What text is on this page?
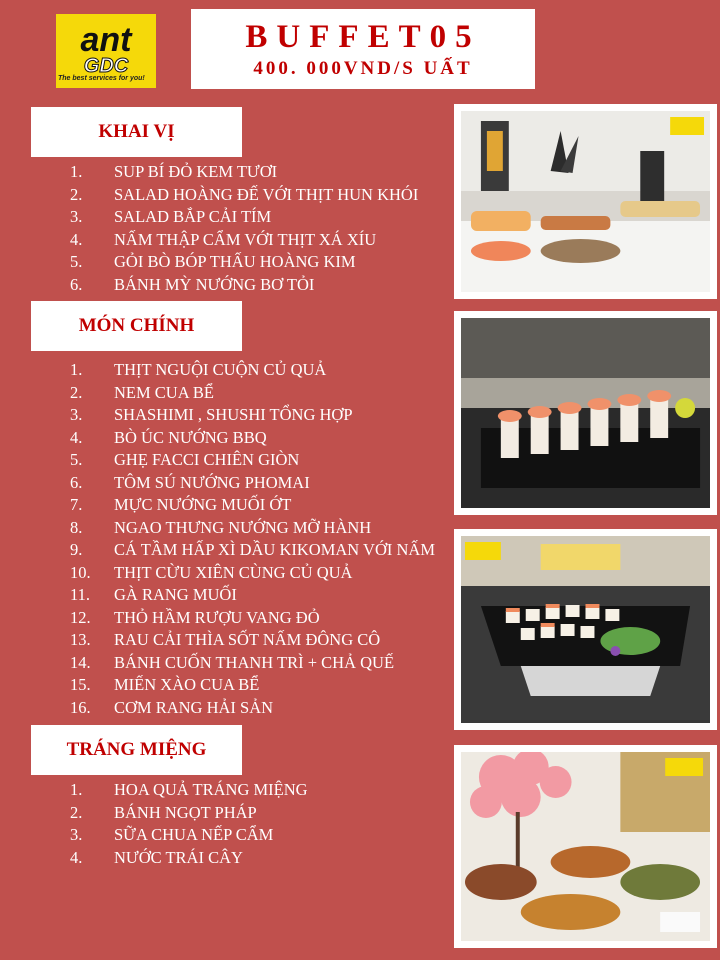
ant
GDC
The best services for you!
BUFFET05
400. 000VND/S UẤT
KHAI VỊ
1.	SUP BÍ ĐỎ KEM TƯƠI
2.	SALAD HOÀNG ĐẾ VỚI THỊT HUN KHÓI
3.	SALAD BẮP CẢI TÍM
4.	NẤM THẬP CẨM VỚI THỊT XÁ XÍU
5.	GỎI BÒ BÓP THẤU HOÀNG KIM
6.	BÁNH MỲ NƯỚNG BƠ TỎI
MÓN CHÍNH
1.	THỊT NGUỘI CUỘN CỦ QUẢ
2.	NEM CUA BỂ
3.	SHASHIMI , SHUSHI TỔNG HỢP
4.	BÒ ÚC NƯỚNG BBQ
5.	GHẸ FACCI CHIÊN GIÒN
6.	TÔM SÚ NƯỚNG PHOMAI
7.	MỰC NƯỚNG MUỐI ỚT
8.	NGAO THƯNG NƯỚNG MỠ HÀNH
9.	CÁ TẦM HẤP XÌ DẦU KIKOMAN VỚI NẤM
10.	THỊT CỪU XIÊN CÙNG CỦ QUẢ
11.	GÀ RANG MUỐI
12.	THỎ HẦM RƯỢU VANG ĐỎ
13.	RAU CẢI THÌA SỐT NẤM ĐÔNG CÔ
14.	BÁNH CUỐN THANH TRÌ + CHẢ QUẾ
15.	MIẾN XÀO CUA BỂ
16.	CƠM RANG HẢI SẢN
TRÁNG MIỆNG
1.	HOA QUẢ TRÁNG MIỆNG
2.	BÁNH NGỌT PHÁP
3.	SỮA CHUA NẾP CẨM
4.	NƯỚC TRÁI CÂY
